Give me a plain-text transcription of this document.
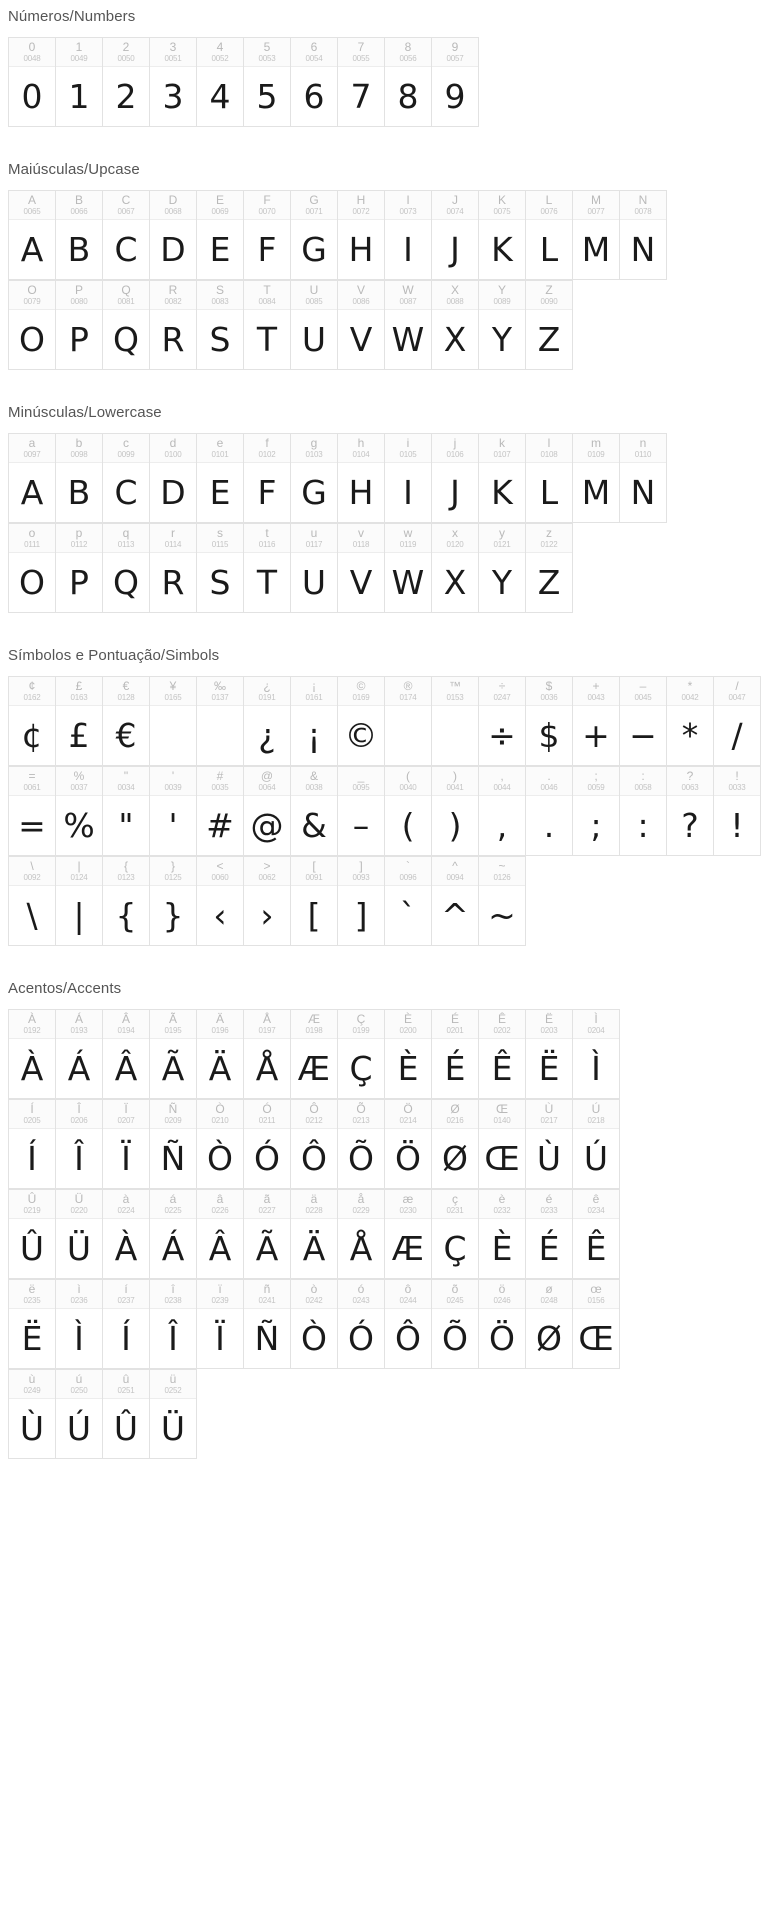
Números/Numbers
0
0048
0
1
0049
1
2
0050
2
3
0051
3
4
0052
4
5
0053
5
6
0054
6
7
0055
7
8
0056
8
9
0057
9
Maiúsculas/Upcase
A
0065
A
B
0066
B
C
0067
C
D
0068
D
E
0069
E
F
0070
F
G
0071
G
H
0072
H
I
0073
I
J
0074
J
K
0075
K
L
0076
L
M
0077
M
N
0078
N
O
0079
O
P
0080
P
Q
0081
Q
R
0082
R
S
0083
S
T
0084
T
U
0085
U
V
0086
V
W
0087
W
X
0088
X
Y
0089
Y
Z
0090
Z
Minúsculas/Lowercase
a
0097
A
b
0098
B
c
0099
C
d
0100
D
e
0101
E
f
0102
F
g
0103
G
h
0104
H
i
0105
I
j
0106
J
k
0107
K
l
0108
L
m
0109
M
n
0110
N
o
0111
O
p
0112
P
q
0113
Q
r
0114
R
s
0115
S
t
0116
T
u
0117
U
v
0118
V
w
0119
W
x
0120
X
y
0121
Y
z
0122
Z
Símbolos e Pontuação/Simbols
¢
0162
¢
£
0163
£
€
0128
€
¥
0165
‰
0137
¿
0191
¿
¡
0161
¡
©
0169
©
®
0174
™
0153
÷
0247
÷
$
0036
$
+
0043
+
–
0045
−
*
0042
*
/
0047
/
=
0061
=
%
0037
%
"
0034
"
'
0039
'
#
0035
#
@
0064
@
&
0038
&
_
0095
–
(
0040
(
)
0041
)
,
0044
,
.
0046
.
;
0059
;
:
0058
:
?
0063
?
!
0033
!
\
0092
\
|
0124
|
{
0123
{
}
0125
}
<
0060
‹
>
0062
›
[
0091
[
]
0093
]
`
0096
`
^
0094
^
~
0126
~
Acentos/Accents
À
0192
À
Á
0193
Á
Â
0194
Â
Ã
0195
Ã
Ä
0196
Ä
Å
0197
Å
Æ
0198
Æ
Ç
0199
Ç
È
0200
È
É
0201
É
Ê
0202
Ê
Ë
0203
Ë
Ì
0204
Ì
Í
0205
Í
Î
0206
Î
Ï
0207
Ï
Ñ
0209
Ñ
Ò
0210
Ò
Ó
0211
Ó
Ô
0212
Ô
Õ
0213
Õ
Ö
0214
Ö
Ø
0216
Ø
Œ
0140
Œ
Ù
0217
Ù
Ú
0218
Ú
Û
0219
Û
Ü
0220
Ü
à
0224
À
á
0225
Á
â
0226
Â
ã
0227
Ã
ä
0228
Ä
å
0229
Å
æ
0230
Æ
ç
0231
Ç
è
0232
È
é
0233
É
ê
0234
Ê
ë
0235
Ë
ì
0236
Ì
í
0237
Í
î
0238
Î
ï
0239
Ï
ñ
0241
Ñ
ò
0242
Ò
ó
0243
Ó
ô
0244
Ô
õ
0245
Õ
ö
0246
Ö
ø
0248
Ø
œ
0156
Œ
ù
0249
Ù
ú
0250
Ú
û
0251
Û
ü
0252
Ü
